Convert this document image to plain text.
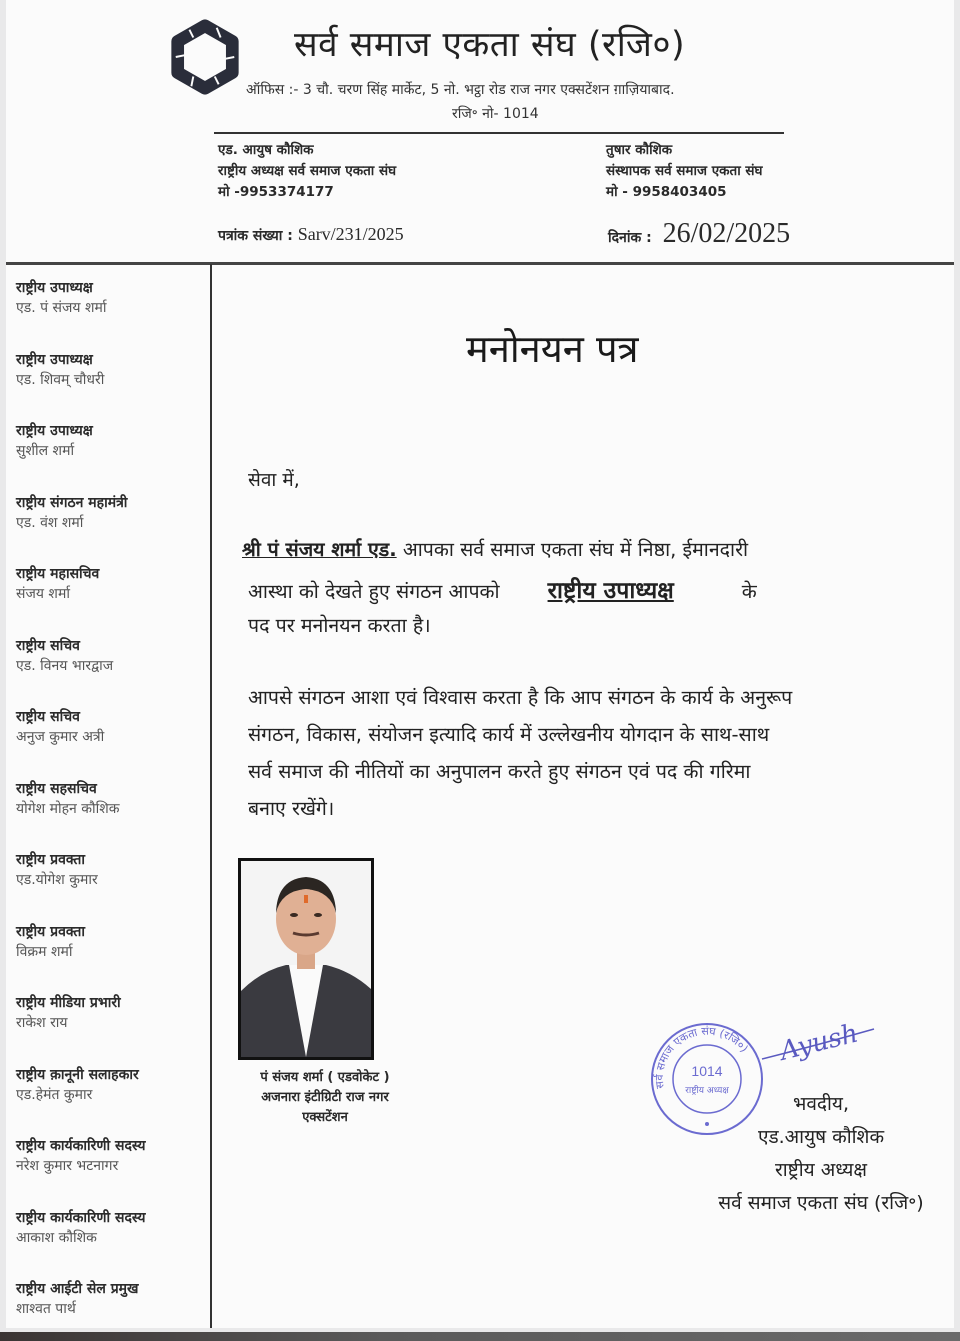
सर्व समाज एकता संघ (रजि०)
ऑफिस :- 3 चौ. चरण सिंह मार्केट, 5 नो. भट्ठा रोड राज नगर एक्सटेंशन ग़ाज़ियाबाद.
रजि॰ नो- 1014
एड. आयुष कौशिक
राष्ट्रीय अध्यक्ष सर्व समाज एकता संघ
मो -9953374177
तुषार कौशिक
संस्थापक सर्व समाज एकता संघ
मो - 9958403405
पत्रांक संख्या : Sarv/231/2025	दिनांक : 26/02/2025
राष्ट्रीय उपाध्यक्ष
एड. पं संजय शर्मा
राष्ट्रीय उपाध्यक्ष
एड. शिवम् चौधरी
राष्ट्रीय उपाध्यक्ष
सुशील शर्मा
राष्ट्रीय संगठन महामंत्री
एड. वंश शर्मा
राष्ट्रीय महासचिव
संजय शर्मा
राष्ट्रीय सचिव
एड. विनय भारद्वाज
राष्ट्रीय सचिव
अनुज कुमार अत्री
राष्ट्रीय सहसचिव
योगेश मोहन कौशिक
राष्ट्रीय प्रवक्ता
एड.योगेश कुमार
राष्ट्रीय प्रवक्ता
विक्रम शर्मा
राष्ट्रीय मीडिया प्रभारी
राकेश राय
राष्ट्रीय क़ानूनी सलाहकार
एड.हेमंत कुमार
राष्ट्रीय कार्यकारिणी सदस्य
नरेश कुमार भटनागर
राष्ट्रीय कार्यकारिणी सदस्य
आकाश कौशिक
राष्ट्रीय आईटी सेल प्रमुख
शाश्वत पार्थ
मनोनयन पत्र
सेवा में,
श्री पं संजय शर्मा एड. आपका सर्व समाज एकता संघ में निष्ठा, ईमानदारी
आस्था को देखते हुए संगठन आपको राष्ट्रीय उपाध्यक्ष	के
पद पर मनोनयन करता है।
आपसे संगठन आशा एवं विश्वास करता है कि आप संगठन के कार्य के अनुरूप
संगठन, विकास, संयोजन इत्यादि कार्य में उल्लेखनीय योगदान के साथ-साथ
सर्व समाज की नीतियों का अनुपालन करते हुए संगठन एवं पद की गरिमा
बनाए रखेंगे।
पं संजय शर्मा ( एडवोकेट )
अजनारा इंटीग्रिटी राज नगर
एक्सटेंशन
सर्व समाज एकता संघ (रजि०)
1014
राष्ट्रीय अध्यक्ष
Ayush
भवदीय,
एड.आयुष कौशिक
राष्ट्रीय अध्यक्ष
सर्व समाज एकता संघ (रजि॰)
